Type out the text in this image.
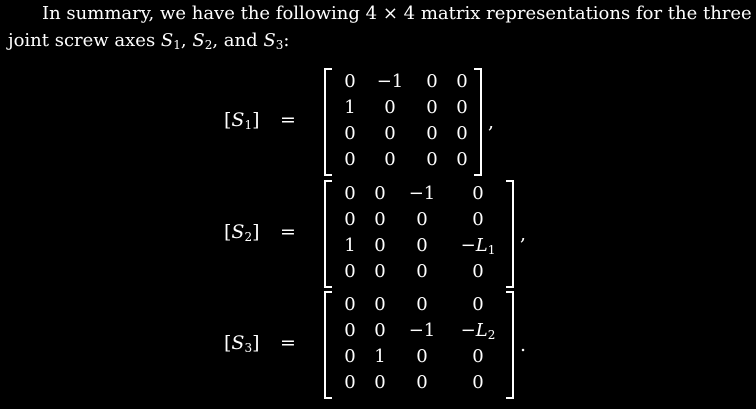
In summary, we have the following 4 × 4 matrix representations for the three
joint screw axes $S_1$, $S_2$, and $S_3$:
$[S_1]$	=
0	−1	0	0
1	0	0	0
0	0	0	0
0	0	0	0
,
$[S_2]$	=
0	0	−1	0
0	0	0	0
1	0	0	$-L_1$
0	0	0	0
,
$[S_3]$	=
0	0	0	0
0	0	−1	$-L_2$
0	1	0	0
0	0	0	0
.
